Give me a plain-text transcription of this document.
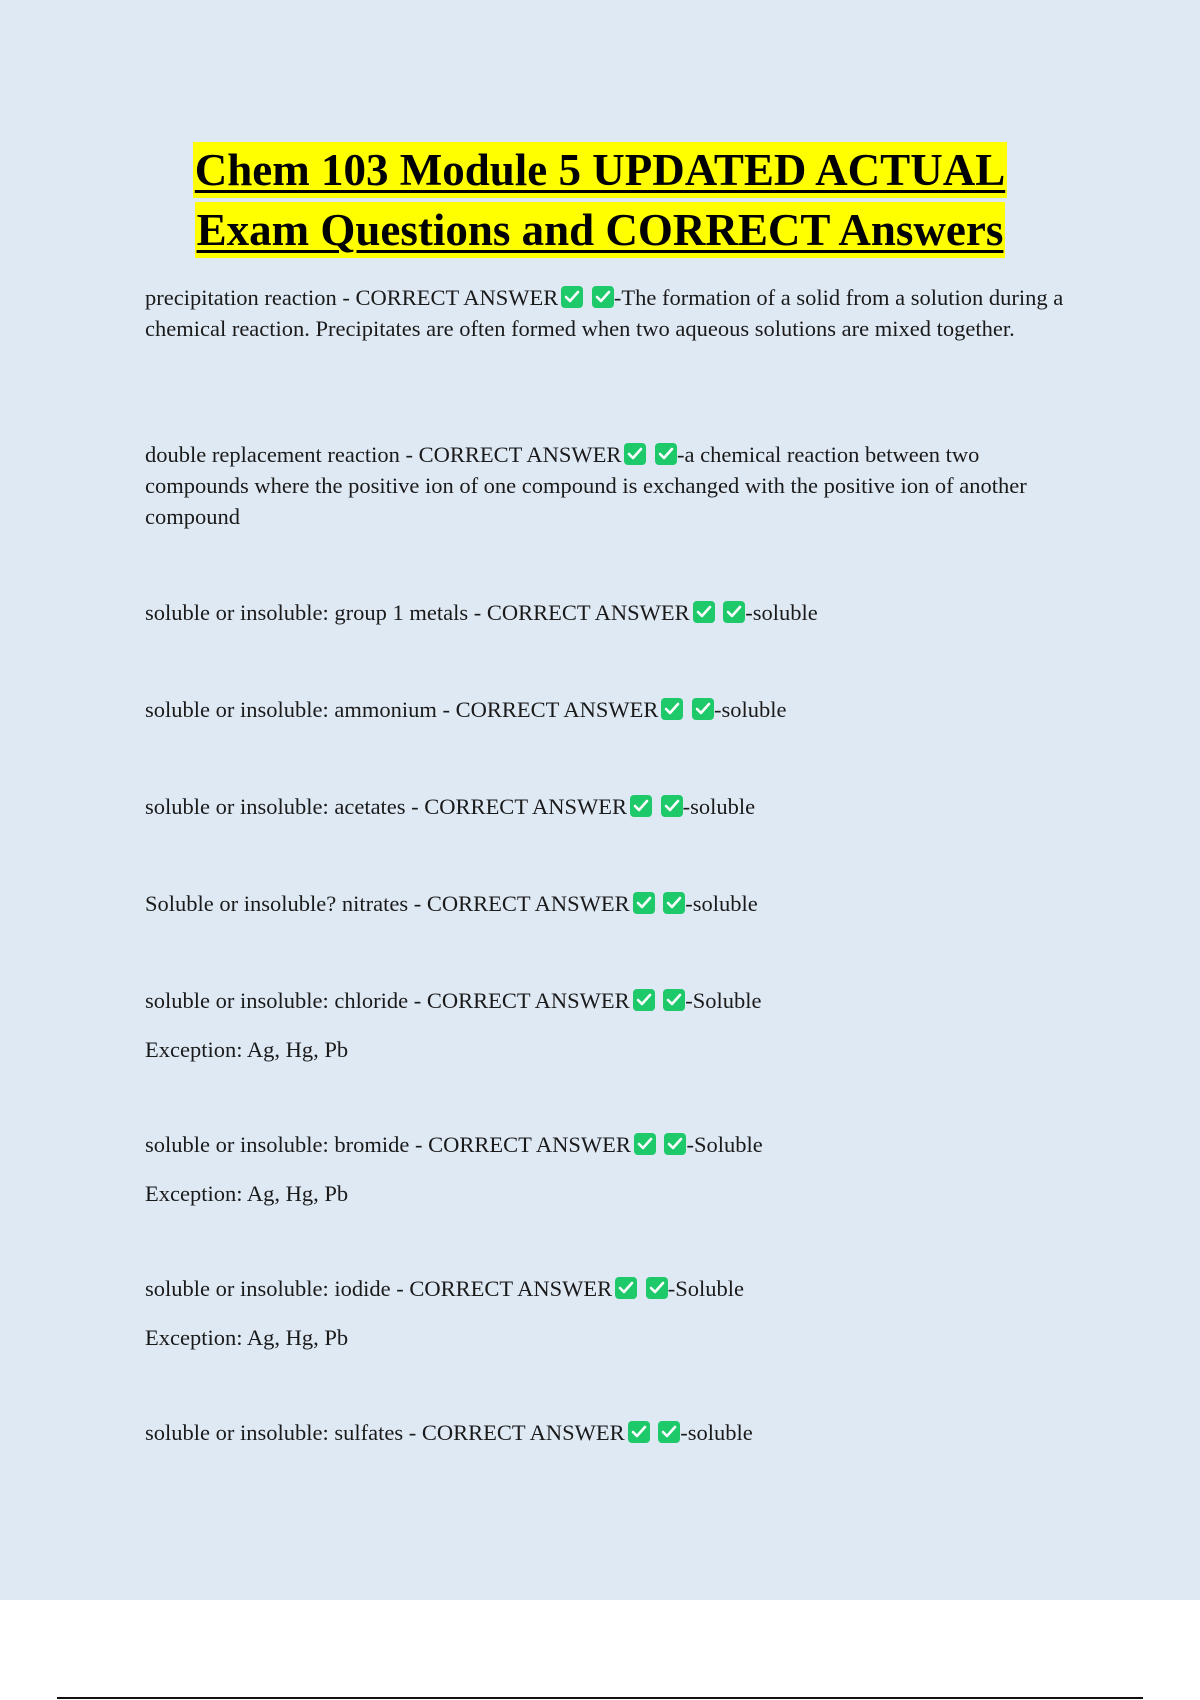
Chem 103 Module 5 UPDATED ACTUAL
Exam Questions and CORRECT Answers

precipitation reaction - CORRECT ANSWER
-The formation of a solid from a solution during a chemical reaction. Precipitates are often formed when two aqueous solutions are mixed together.

double replacement reaction - CORRECT ANSWER
-a chemical reaction between two compounds where the positive ion of one compound is exchanged with the positive ion of another compound

soluble or insoluble: group 1 metals - CORRECT ANSWER
-soluble

soluble or insoluble: ammonium - CORRECT ANSWER
-soluble

soluble or insoluble: acetates - CORRECT ANSWER
-soluble

Soluble or insoluble? nitrates - CORRECT ANSWER
-soluble

soluble or insoluble: chloride - CORRECT ANSWER
-Soluble

Exception: Ag, Hg, Pb

soluble or insoluble: bromide - CORRECT ANSWER
-Soluble

Exception: Ag, Hg, Pb

soluble or insoluble: iodide - CORRECT ANSWER
-Soluble

Exception: Ag, Hg, Pb

soluble or insoluble: sulfates - CORRECT ANSWER
-soluble
